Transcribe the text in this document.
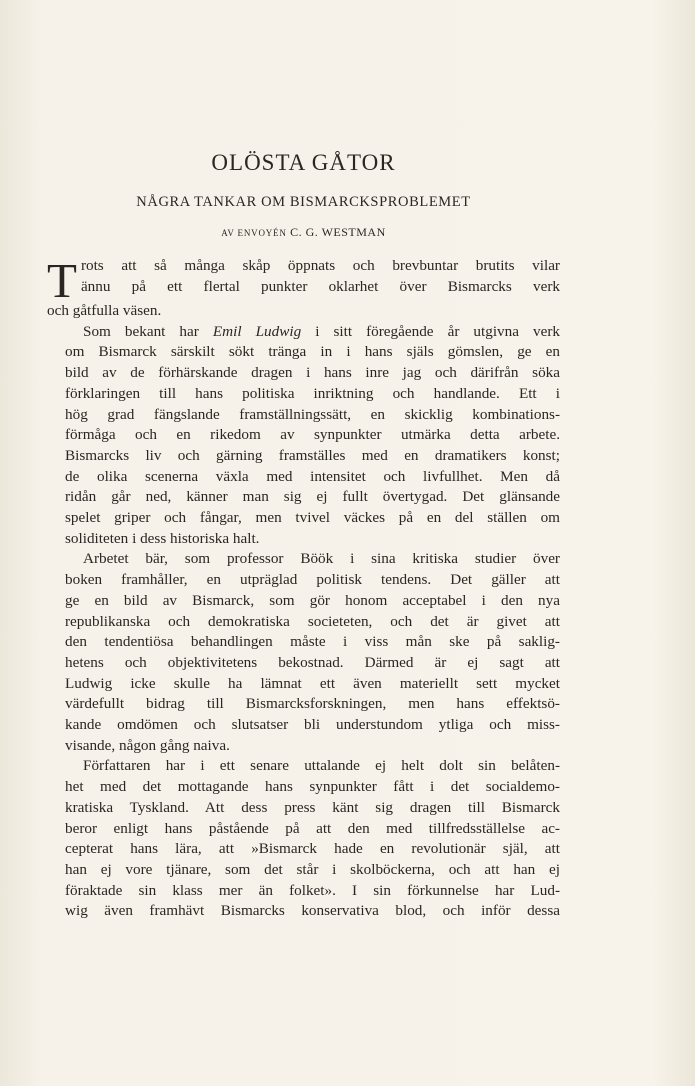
OLÖSTA GÅTOR
NÅGRA TANKAR OM BISMARCKSPROBLEMET
AV ENVOYÉN C. G. WESTMAN

T rots att så många skåp öppnats och brevbuntar brutits vilar
ännu på ett flertal punkter oklarhet över Bismarcks verk
och gåtfulla väsen.

Som bekant har Emil Ludwig i sitt föregående år utgivna verk
om Bismarck särskilt sökt tränga in i hans själs gömslen, ge en
bild av de förhärskande dragen i hans inre jag och därifrån söka
förklaringen till hans politiska inriktning och handlande. Ett i
hög grad fängslande framställningssätt, en skicklig kombinations-
förmåga och en rikedom av synpunkter utmärka detta arbete.
Bismarcks liv och gärning framställes med en dramatikers konst;
de olika scenerna växla med intensitet och livfullhet. Men då
ridån går ned, känner man sig ej fullt övertygad. Det glänsande
spelet griper och fångar, men tvivel väckes på en del ställen om
soliditeten i dess historiska halt.

Arbetet bär, som professor Böök i sina kritiska studier över
boken framhåller, en utpräglad politisk tendens. Det gäller att
ge en bild av Bismarck, som gör honom acceptabel i den nya
republikanska och demokratiska societeten, och det är givet att
den tendentiösa behandlingen måste i viss mån ske på saklig-
hetens och objektivitetens bekostnad. Därmed är ej sagt att
Ludwig icke skulle ha lämnat ett även materiellt sett mycket
värdefullt bidrag till Bismarcksforskningen, men hans effektsö-
kande omdömen och slutsatser bli understundom ytliga och miss-
visande, någon gång naiva.

Författaren har i ett senare uttalande ej helt dolt sin belåten-
het med det mottagande hans synpunkter fått i det socialdemo-
kratiska Tyskland. Att dess press känt sig dragen till Bismarck
beror enligt hans påstående på att den med tillfredsställelse ac-
cepterat hans lära, att »Bismarck hade en revolutionär själ, att
han ej vore tjänare, som det står i skolböckerna, och att han ej
föraktade sin klass mer än folket». I sin förkunnelse har Lud-
wig även framhävt Bismarcks konservativa blod, och inför dessa
